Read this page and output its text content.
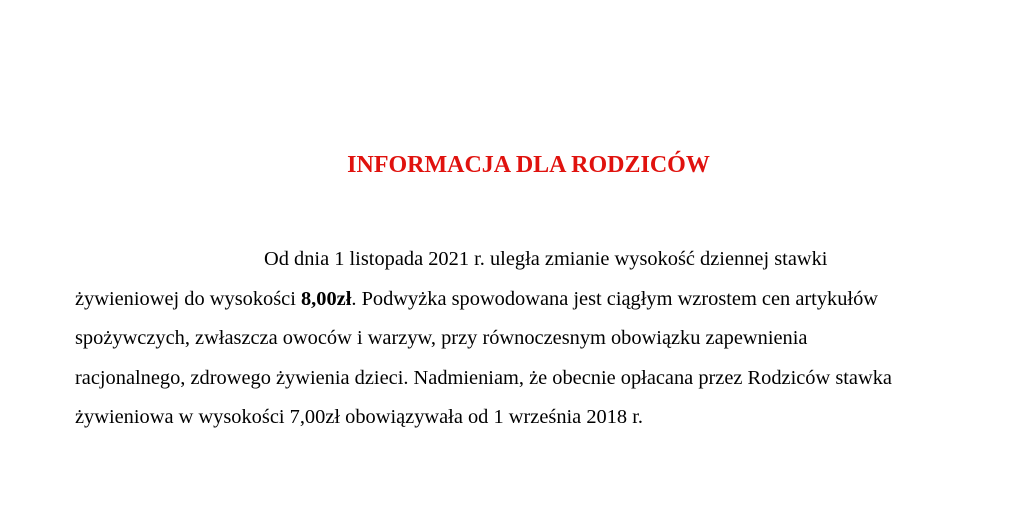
INFORMACJA DLA RODZICÓW

Od dnia 1 listopada 2021 r. uległa zmianie wysokość dziennej stawki

żywieniowej do wysokości 8,00zł. Podwyżka spowodowana jest ciągłym wzrostem cen artykułów

spożywczych, zwłaszcza owoców i warzyw, przy równoczesnym obowiązku zapewnienia

racjonalnego, zdrowego żywienia dzieci. Nadmieniam, że obecnie opłacana przez Rodziców stawka

żywieniowa w wysokości 7,00zł obowiązywała od 1 września 2018 r.
